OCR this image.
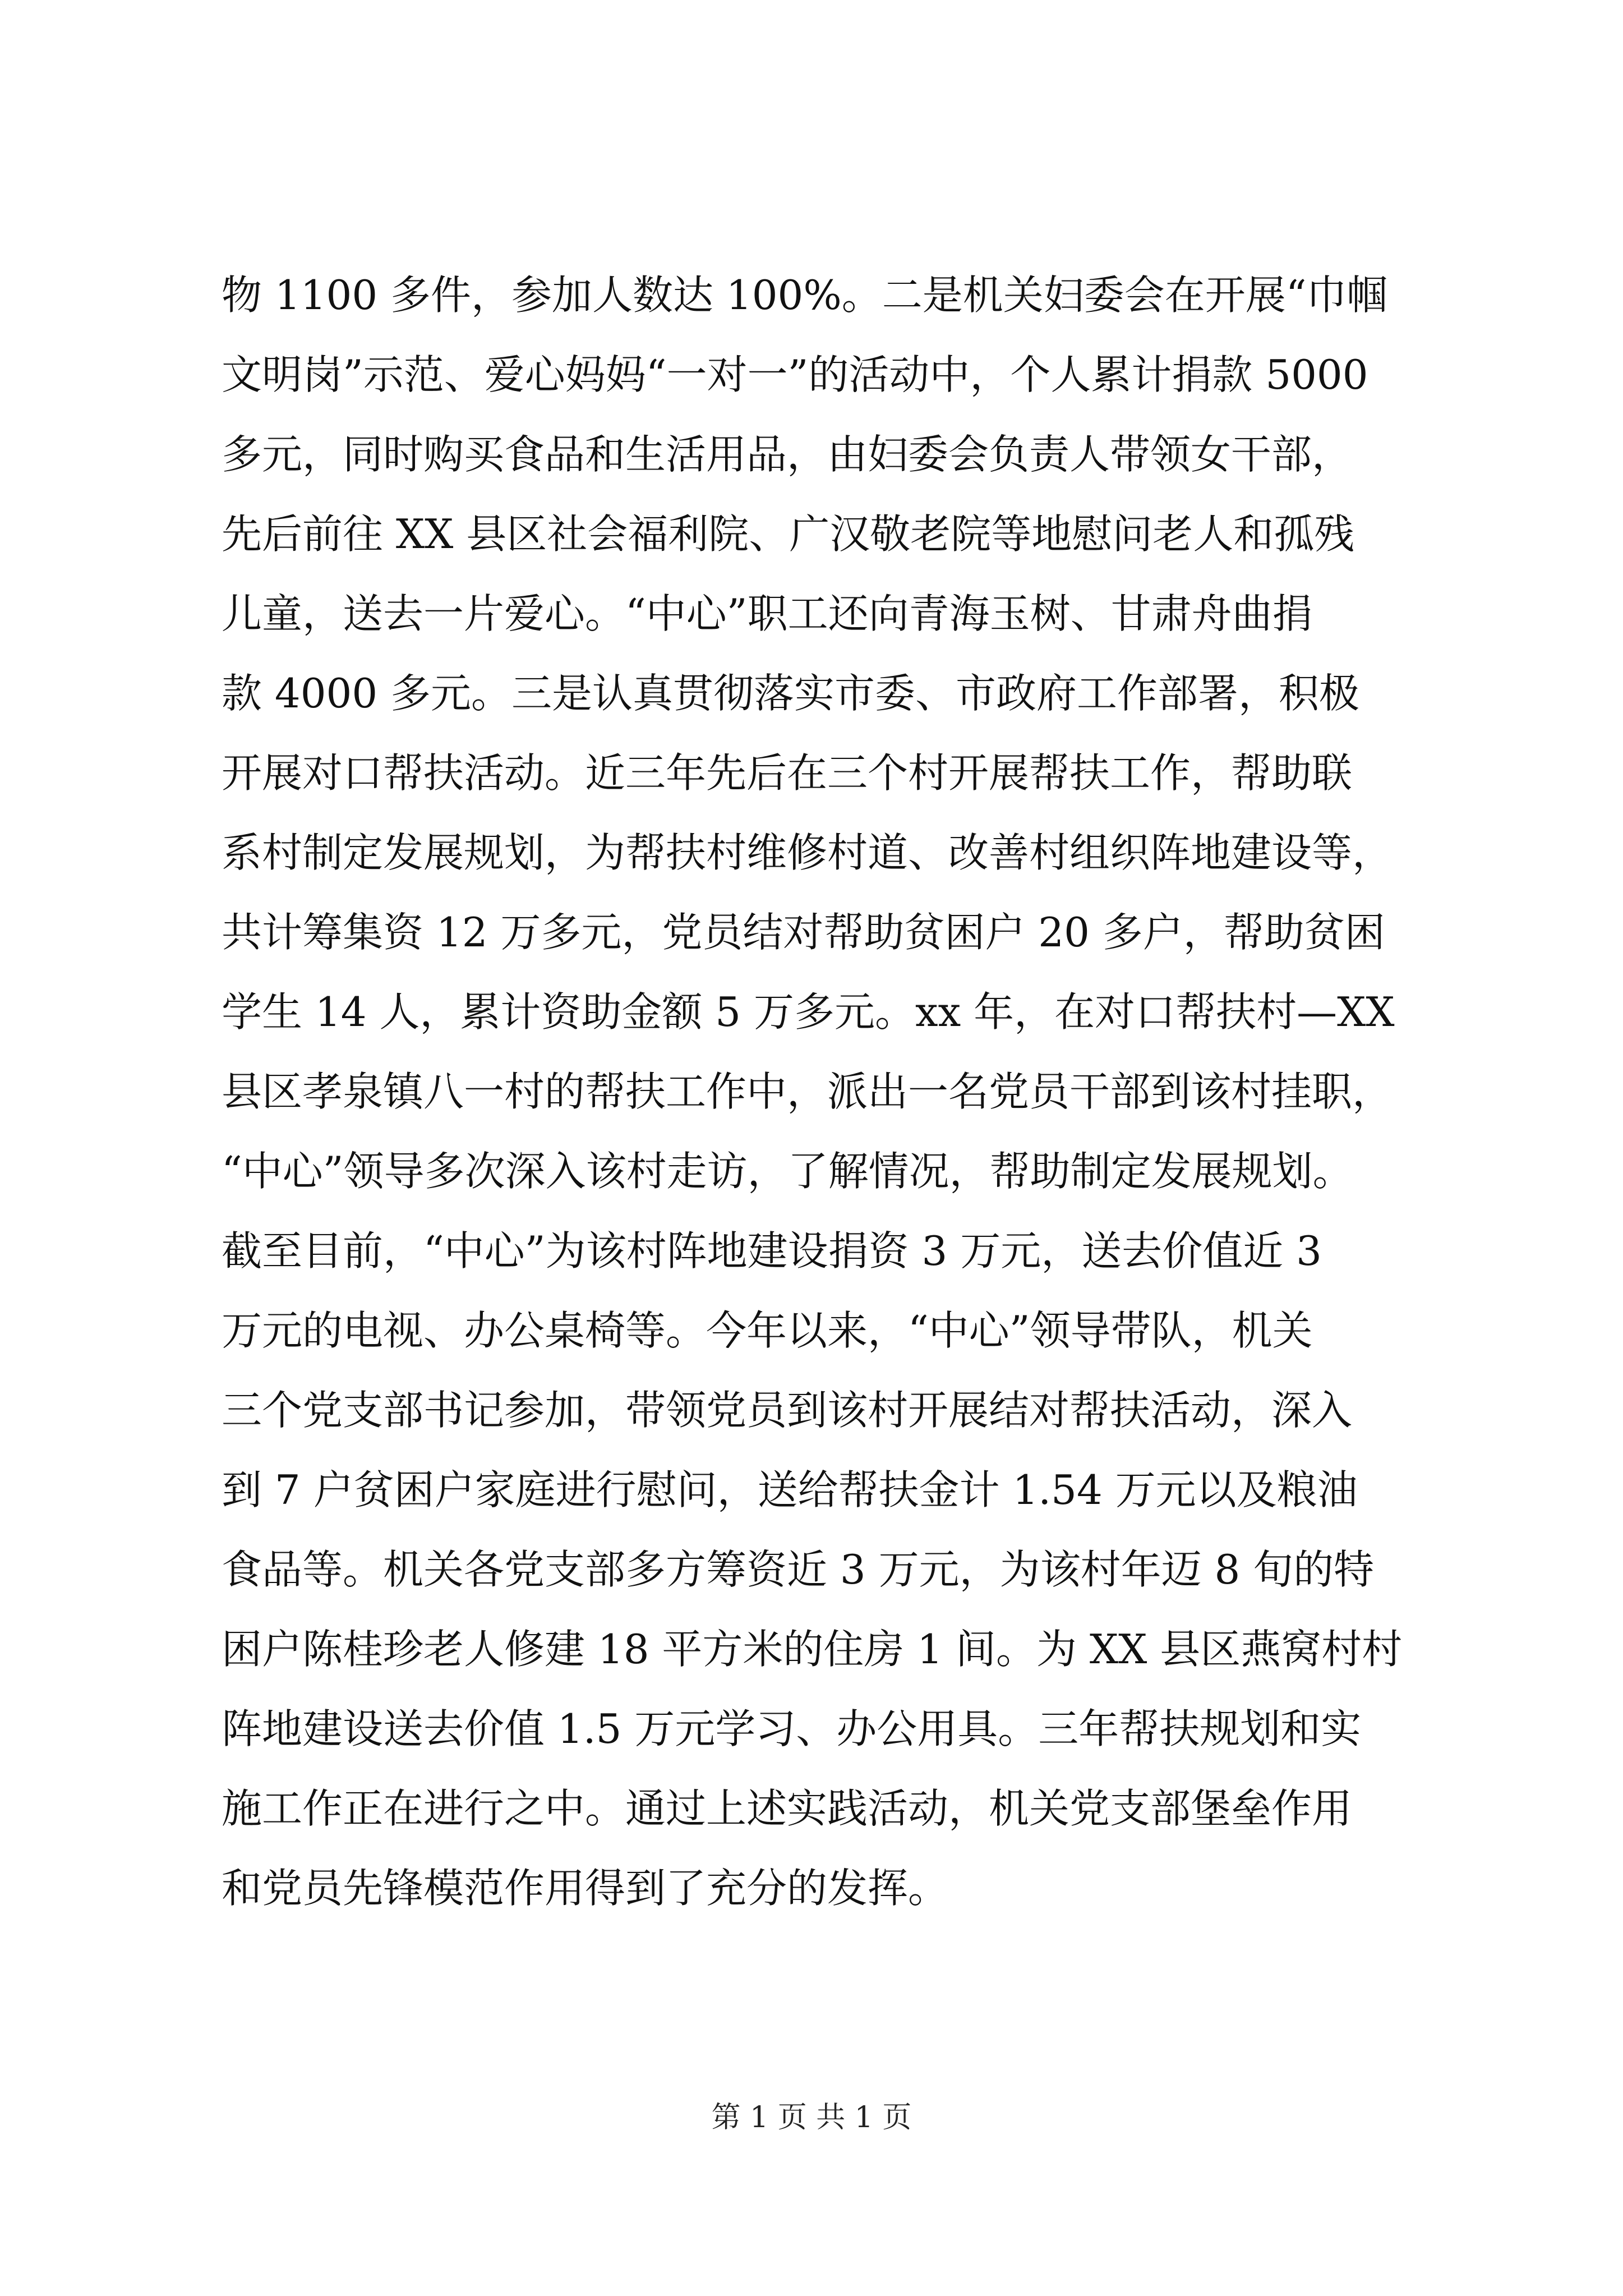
物 1100 多件，参加人数达 100%。二是机关妇委会在开展“巾帼
文明岗”示范、爱心妈妈“一对一”的活动中，个人累计捐款 5000
多元，同时购买食品和生活用品，由妇委会负责人带领女干部，
先后前往 XX 县区社会福利院、广汉敬老院等地慰问老人和孤残
儿童，送去一片爱心。“中心”职工还向青海玉树、甘肃舟曲捐
款 4000 多元。三是认真贯彻落实市委、市政府工作部署，积极
开展对口帮扶活动。近三年先后在三个村开展帮扶工作，帮助联
系村制定发展规划，为帮扶村维修村道、改善村组织阵地建设等，
共计筹集资 12 万多元，党员结对帮助贫困户 20 多户，帮助贫困
学生 14 人，累计资助金额 5 万多元。xx 年，在对口帮扶村—XX
县区孝泉镇八一村的帮扶工作中，派出一名党员干部到该村挂职，
“中心”领导多次深入该村走访，了解情况，帮助制定发展规划。
截至目前，“中心”为该村阵地建设捐资 3 万元，送去价值近 3
万元的电视、办公桌椅等。今年以来，“中心”领导带队，机关
三个党支部书记参加，带领党员到该村开展结对帮扶活动，深入
到 7 户贫困户家庭进行慰问，送给帮扶金计 1.54 万元以及粮油
食品等。机关各党支部多方筹资近 3 万元，为该村年迈 8 旬的特
困户陈桂珍老人修建 18 平方米的住房 1 间。为 XX 县区燕窝村村
阵地建设送去价值 1.5 万元学习、办公用具。三年帮扶规划和实
施工作正在进行之中。通过上述实践活动，机关党支部堡垒作用
和党员先锋模范作用得到了充分的发挥。
第 1 页 共 1 页
